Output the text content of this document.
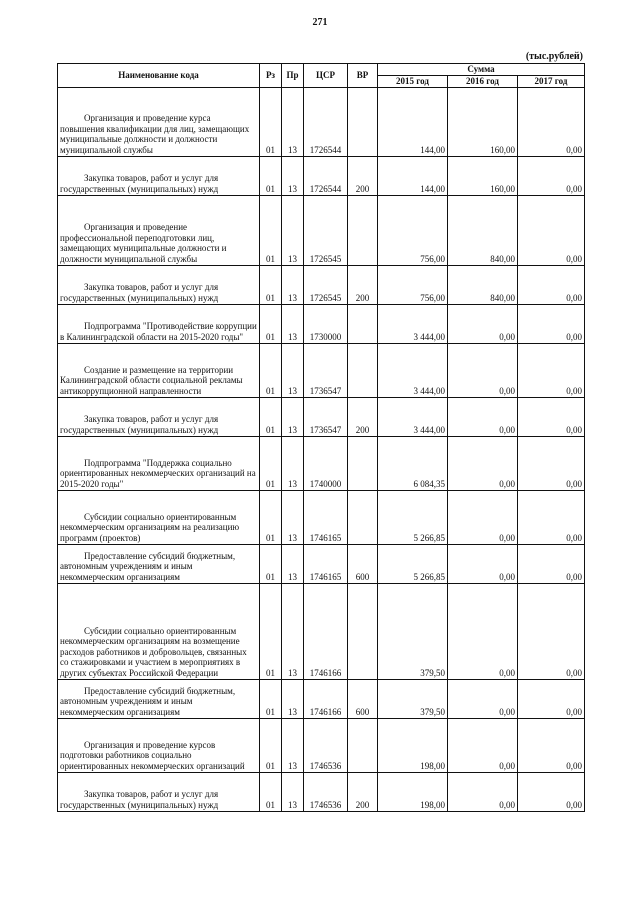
271
(тыс.рублей)
Наименование кода	Рз	Пр	ЦСР	ВР	Сумма		
					2015 год	2016 год	2017 год
Организация и проведение курса повышения квалификации для лиц, замещающих муниципальные должности и должности муниципальной службы	01	13	1726544		144,00	160,00	0,00
Закупка товаров, работ и услуг для государственных (муниципальных) нужд	01	13	1726544	200	144,00	160,00	0,00
Организация и проведение профессиональной переподготовки лиц, замещающих муниципальные должности и должности муниципальной службы	01	13	1726545		756,00	840,00	0,00
Закупка товаров, работ и услуг для государственных (муниципальных) нужд	01	13	1726545	200	756,00	840,00	0,00
Подпрограмма "Противодействие коррупции в Калининградской области на 2015-2020 годы"	01	13	1730000		3 444,00	0,00	0,00
Создание и размещение на территории Калининградской области социальной рекламы антикоррупционной направленности	01	13	1736547		3 444,00	0,00	0,00
Закупка товаров, работ и услуг для государственных (муниципальных) нужд	01	13	1736547	200	3 444,00	0,00	0,00
Подпрограмма "Поддержка социально ориентированных некоммерческих организаций на 2015-2020 годы"	01	13	1740000		6 084,35	0,00	0,00
Субсидии социально ориентированным некоммерческим организациям на реализацию программ (проектов)	01	13	1746165		5 266,85	0,00	0,00
Предоставление субсидий бюджетным, автономным учреждениям и иным некоммерческим организациям	01	13	1746165	600	5 266,85	0,00	0,00
Субсидии социально ориентированным некоммерческим организациям на возмещение расходов работников и добровольцев, связанных со стажировками и участием в мероприятиях в других субъектах Российской Федерации	01	13	1746166		379,50	0,00	0,00
Предоставление субсидий бюджетным, автономным учреждениям и иным некоммерческим организациям	01	13	1746166	600	379,50	0,00	0,00
Организация и проведение курсов подготовки работников социально ориентированных некоммерческих организаций	01	13	1746536		198,00	0,00	0,00
Закупка товаров, работ и услуг для государственных (муниципальных) нужд	01	13	1746536	200	198,00	0,00	0,00
